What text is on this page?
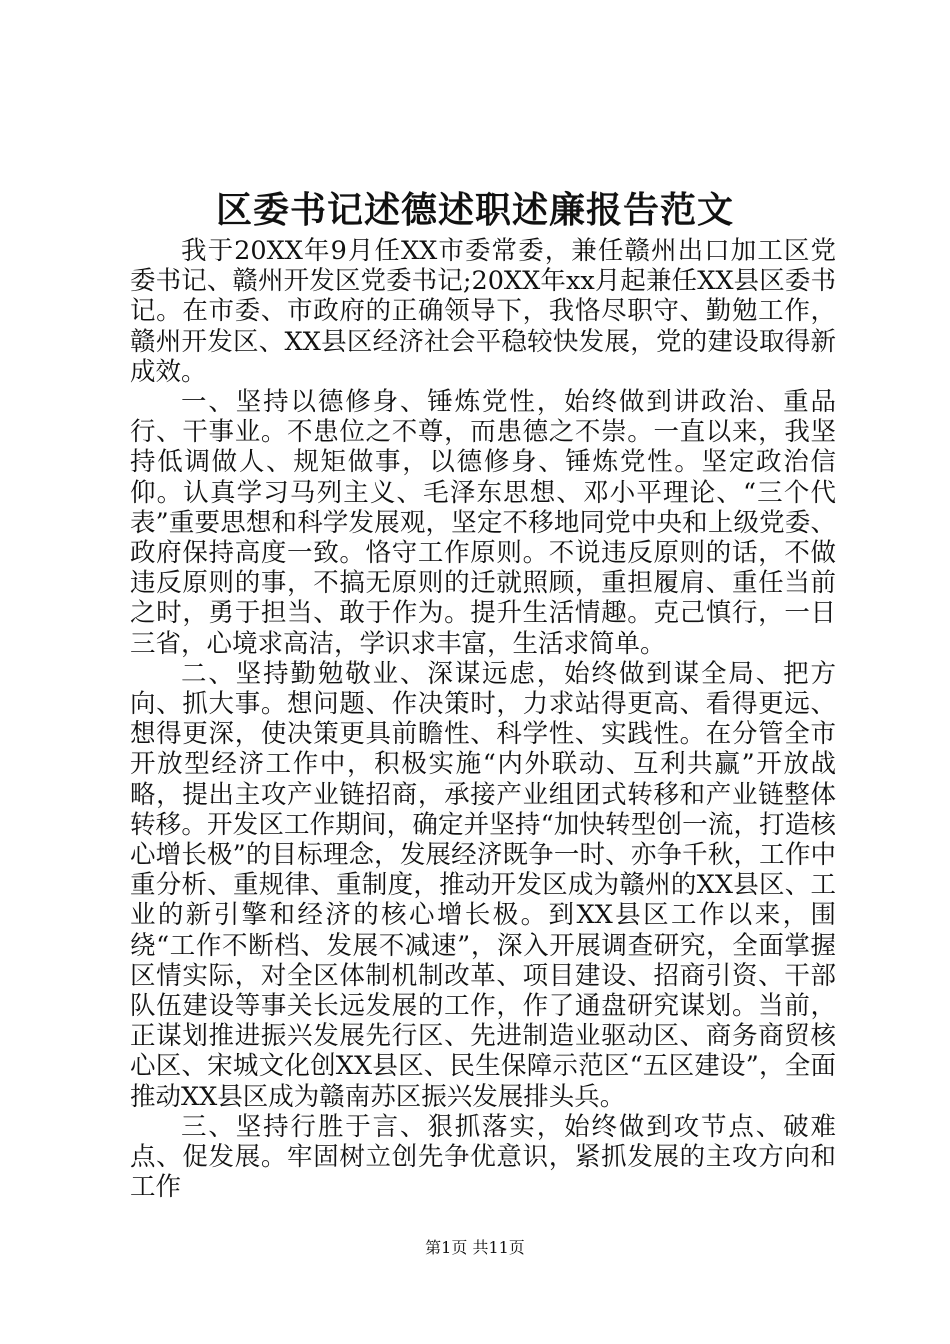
区委书记述德述职述廉报告范文

我于20XX年9月任XX市委常委，兼任赣州出口加工区党委书记、赣州开发区党委书记;20XX年xx月起兼任XX县区委书记。在市委、市政府的正确领导下，我恪尽职守、勤勉工作，赣州开发区、XX县区经济社会平稳较快发展，党的建设取得新成效。

一、坚持以德修身、锤炼党性，始终做到讲政治、重品行、干事业。不患位之不尊，而患德之不崇。一直以来，我坚持低调做人、规矩做事，以德修身、锤炼党性。坚定政治信仰。认真学习马列主义、毛泽东思想、邓小平理论、“三个代表”重要思想和科学发展观，坚定不移地同党中央和上级党委、政府保持高度一致。恪守工作原则。不说违反原则的话，不做违反原则的事，不搞无原则的迁就照顾，重担履肩、重任当前之时，勇于担当、敢于作为。提升生活情趣。克己慎行，一日三省，心境求高洁，学识求丰富，生活求简单。

二、坚持勤勉敬业、深谋远虑，始终做到谋全局、把方向、抓大事。想问题、作决策时，力求站得更高、看得更远、想得更深，使决策更具前瞻性、科学性、实践性。在分管全市开放型经济工作中，积极实施“内外联动、互利共赢”开放战略，提出主攻产业链招商，承接产业组团式转移和产业链整体转移。开发区工作期间，确定并坚持“加快转型创一流，打造核心增长极”的目标理念，发展经济既争一时、亦争千秋，工作中重分析、重规律、重制度，推动开发区成为赣州的XX县区、工业的新引擎和经济的核心增长极。到XX县区工作以来，围绕“工作不断档、发展不减速”，深入开展调查研究，全面掌握区情实际，对全区体制机制改革、项目建设、招商引资、干部队伍建设等事关长远发展的工作，作了通盘研究谋划。当前，正谋划推进振兴发展先行区、先进制造业驱动区、商务商贸核心区、宋城文化创XX县区、民生保障示范区“五区建设”，全面推动XX县区成为赣南苏区振兴发展排头兵。

三、坚持行胜于言、狠抓落实，始终做到攻节点、破难点、促发展。牢固树立创先争优意识，紧抓发展的主攻方向和工作

第1页 共11页
